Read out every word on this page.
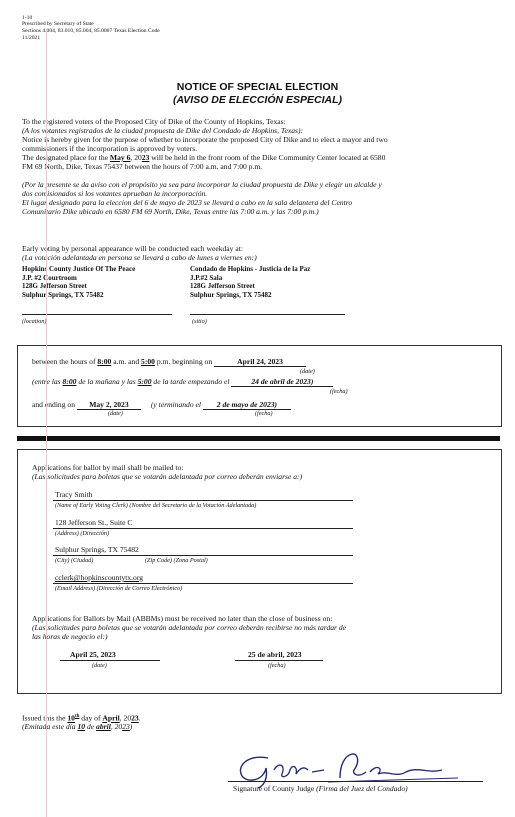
1-10
Prescribed by Secretary of State
Sections 4.004, 83.010, 85.004, 85.0007 Texas Election Code
11/2021
NOTICE OF SPECIAL ELECTION
(AVISO DE ELECCIÓN ESPECIAL)
To the registered voters of the Proposed City of Dike of the County of Hopkins, Texas:
(A los votantes registrados de la ciudad propuesta de Dike del Condado de Hopkins, Texas):
Notice is hereby given for the purpose of whether to incorporate the proposed City of Dike and to elect a mayor and two
commissioners if the incorporation is approved by voters.
The designated place for the May 6, 2023 will be held in the front room of the Dike Community Center located at 6580
FM 69 North, Dike, Texas 75437 between the hours of 7:00 a.m. and 7:00 p.m.
(Por la presente se da aviso con el propósito ya sea para incorporar la ciudad propuesta de Dike y elegir un alcalde y
dos comisionados si los votantes aprueban la incorporación.
El lugar designado para la eleccion del 6 de mayo de 2023 se llevará a cabo en la sala delantera del Centro
Comunitario Dike ubicado en 6580 FM 69 North, Dike, Texas entre las 7:00 a.m. y las 7:00 p.m.)
Early voting by personal appearance will be conducted each weekday at:
(La votación adelantada en persona se llevará a cabo de lunes a viernes en:)
Hopkins County Justice Of The Peace
J.P. #2 Courtroom
128G Jefferson Street
Sulphur Springs, TX 75482
(location)
Condado de Hopkins - Justicia de la Paz
J.P.#2 Sala
128G Jefferson Street
Sulphur Springs, TX 75482
(sitio)
between the hours of 8:00 a.m. and 5:00 p.m. beginning on	April 24, 2023
(date)
(entre las 8:00 de la mañana y las 5:00 de la tarde empezando el	24 de abril de 2023)
(fecha)
and ending on May 2, 2023	(y terminando el 2 de mayo de 2023)
(date)	(fecha)
Applications for ballot by mail shall be mailed to:
(Las solicitudes para boletas que se votarán adelantada por correo deberán enviarse a:)
Tracy Smith
(Name of Early Voting Clerk) (Nombre del Secretario de la Votación Adelantada)
128 Jefferson St., Suite C
(Address) (Dirección)
Sulphur Springs, TX 75482
(City) (Ciudad)	(Zip Code) (Zona Postal)
cclerk@hopkinscountytx.org
(Email Address) (Dirección de Correo Electrónico)
Applications for Ballots by Mail (ABBMs) must be received no later than the close of business on:
(Las solicitudes para boletas que se votarán adelantada por correo deberán recibirse no más tardar de
las horas de negocio el:)
April 25, 2023
(date)
25 de abril, 2023
(fecha)
Issued this the 10th day of April, 2023.
(Emitada este día 10 de abril, 2023)
Signature of County Judge (Firma del Juez del Condado)
